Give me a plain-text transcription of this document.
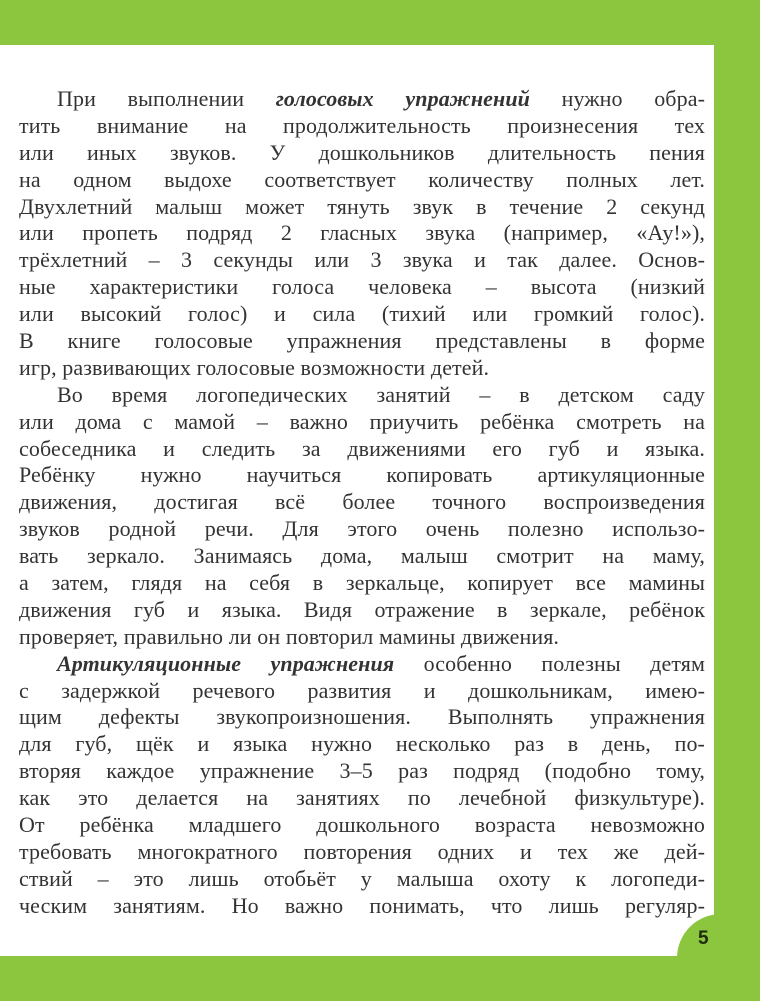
При выполнении голосовых упражнений нужно обра-
тить внимание на продолжительность произнесения тех
или иных звуков. У дошкольников длительность пения
на одном выдохе соответствует количеству полных лет.
Двухлетний малыш может тянуть звук в течение 2 секунд
или пропеть подряд 2 гласных звука (например, «Ау!»),
трёхлетний – 3 секунды или 3 звука и так далее. Основ-
ные характеристики голоса человека – высота (низкий
или высокий голос) и сила (тихий или громкий голос).
В книге голосовые упражнения представлены в форме
игр, развивающих голосовые возможности детей.
Во время логопедических занятий – в детском саду
или дома с мамой – важно приучить ребёнка смотреть на
собеседника и следить за движениями его губ и языка.
Ребёнку нужно научиться копировать артикуляционные
движения, достигая всё более точного воспроизведения
звуков родной речи. Для этого очень полезно использо-
вать зеркало. Занимаясь дома, малыш смотрит на маму,
а затем, глядя на себя в зеркальце, копирует все мамины
движения губ и языка. Видя отражение в зеркале, ребёнок
проверяет, правильно ли он повторил мамины движения.
Артикуляционные упражнения особенно полезны детям
с задержкой речевого развития и дошкольникам, имею-
щим дефекты звукопроизношения. Выполнять упражнения
для губ, щёк и языка нужно несколько раз в день, по-
вторяя каждое упражнение 3–5 раз подряд (подобно тому,
как это делается на занятиях по лечебной физкультуре).
От ребёнка младшего дошкольного возраста невозможно
требовать многократного повторения одних и тех же дей-
ствий – это лишь отобьёт у малыша охоту к логопеди-
ческим занятиям. Но важно понимать, что лишь регуляр-
5
